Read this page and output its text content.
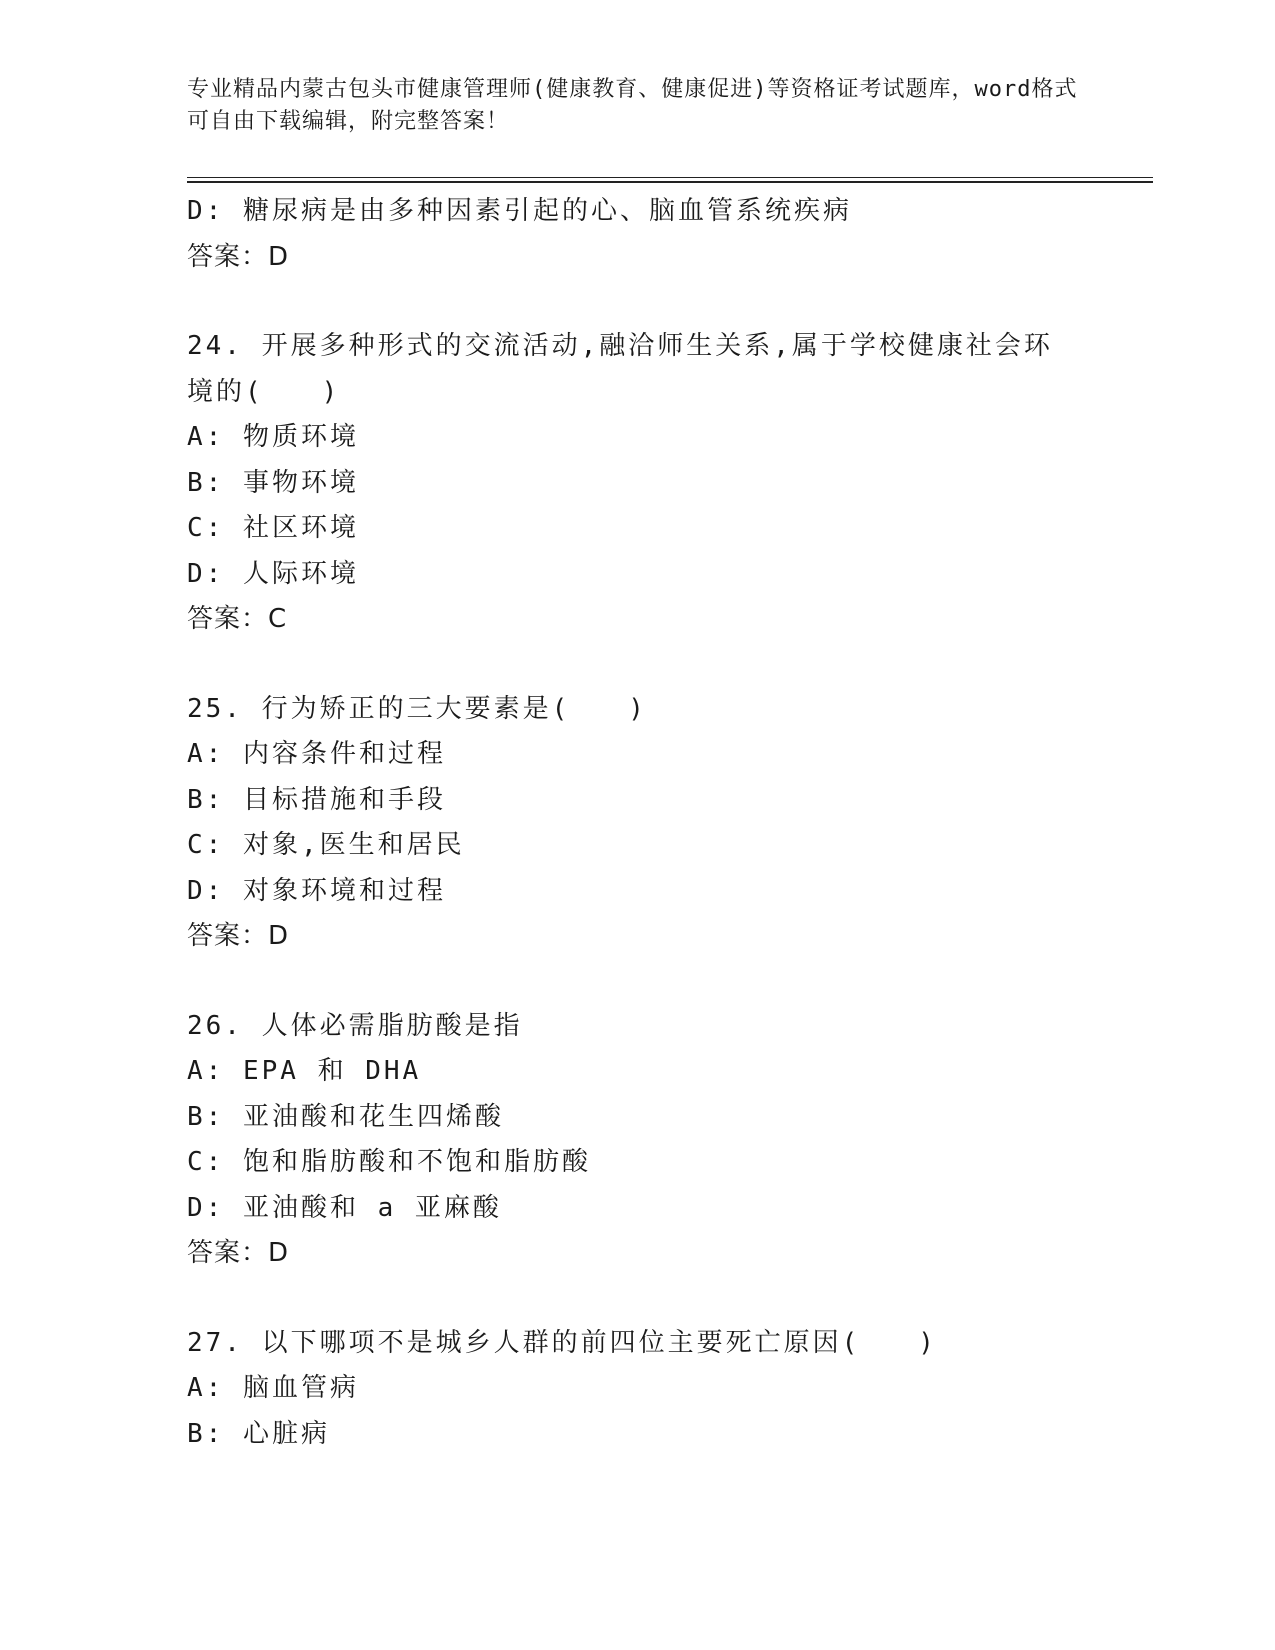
专业精品内蒙古包头市健康管理师(健康教育、健康促进)等资格证考试题库，word格式可自由下载编辑，附完整答案！
D: 糖尿病是由多种因素引起的心、脑血管系统疾病
答案：D
24. 开展多种形式的交流活动,融洽师生关系,属于学校健康社会环境的(　　)
A: 物质环境
B: 事物环境
C: 社区环境
D: 人际环境
答案：C
25. 行为矫正的三大要素是(　　)
A: 内容条件和过程
B: 目标措施和手段
C: 对象,医生和居民
D: 对象环境和过程
答案：D
26. 人体必需脂肪酸是指
A: EPA 和 DHA
B: 亚油酸和花生四烯酸
C: 饱和脂肪酸和不饱和脂肪酸
D: 亚油酸和 a 亚麻酸
答案：D
27. 以下哪项不是城乡人群的前四位主要死亡原因(　　)
A: 脑血管病
B: 心脏病
